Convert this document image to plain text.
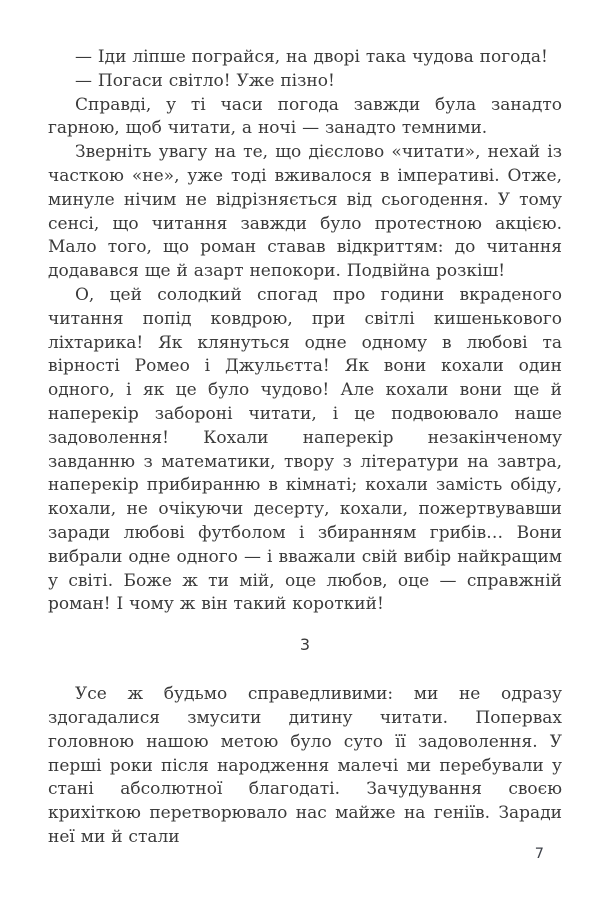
— Іди ліпше пограйся, на дворі така чудова погода!

— Погаси світло! Уже пізно!

Справді, у ті часи погода завжди була занадто гарною, щоб читати, а ночі — занадто темними.

Зверніть увагу на те, що дієслово «читати», нехай із часткою «не», уже тоді вживалося в імперативі. Отже, минуле нічим не відрізняється від сьогодення. У тому сенсі, що читання завжди було протестною акцією. Мало того, що роман ставав відкриттям: до читання додавався ще й азарт непокори. Подвійна розкіш!

О, цей солодкий спогад про години вкраденого читання попід ковдрою, при світлі кишенькового ліхтарика! Як клянуться одне одному в любові та вірності Ромео і Джульєтта! Як вони кохали один одного, і як це було чудово! Але кохали вони ще й наперекір забороні читати, і це подвоювало наше задоволення! Кохали наперекір незакінченому завданню з математики, твору з літератури на завтра, наперекір прибиранню в кімнаті; кохали замість обіду, кохали, не очікуючи десерту, кохали, пожертвувавши заради любові футболом і збиранням грибів… Вони вибрали одне одного — і вважали свій вибір найкращим у світі. Боже ж ти мій, оце любов, оце — справжній роман! І чому ж він такий короткий!

3

Усе ж будьмо справедливими: ми не одразу здогадалися змусити дитину читати. Попервах головною нашою метою було суто її задоволення. У перші роки після народження малечі ми перебували у стані абсолютної благодаті. Зачудування своєю крихіткою перетворювало нас майже на геніїв. Заради неї ми й стали

7
